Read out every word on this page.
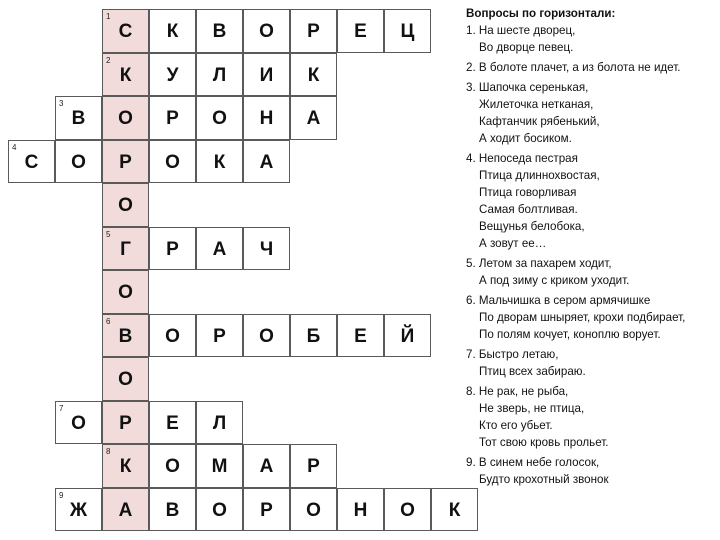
1
С К В О Р Е Ц
2
К У Л И К
3
В О Р О Н А
4
С О Р О К А
О
5
Г Р А Ч
О
6
В О Р О Б Е Й
О
7
О Р Е Л
8
К О М А Р
9
Ж А В О Р О Н О К
Вопросы по горизонтали:
1. На шесте дворец,
Во дворце певец.
2. В болоте плачет, а из болота не идет.
3. Шапочка серенькая,
Жилеточка нетканая,
Кафтанчик рябенький,
А ходит босиком.
4. Непоседа пестрая
Птица длиннохвостая,
Птица говорливая
Самая болтливая.
Вещунья белобока,
А зовут ее…
5. Летом за пахарем ходит,
А под зиму с криком уходит.
6. Мальчишка в сером армячишке
По дворам шныряет, крохи подбирает,
По полям кочует, коноплю ворует.
7. Быстро летаю,
Птиц всех забираю.
8. Не рак, не рыба,
Не зверь, не птица,
Кто его убьет.
Тот свою кровь прольет.
9. В синем небе голосок,
Будто крохотный звонок
